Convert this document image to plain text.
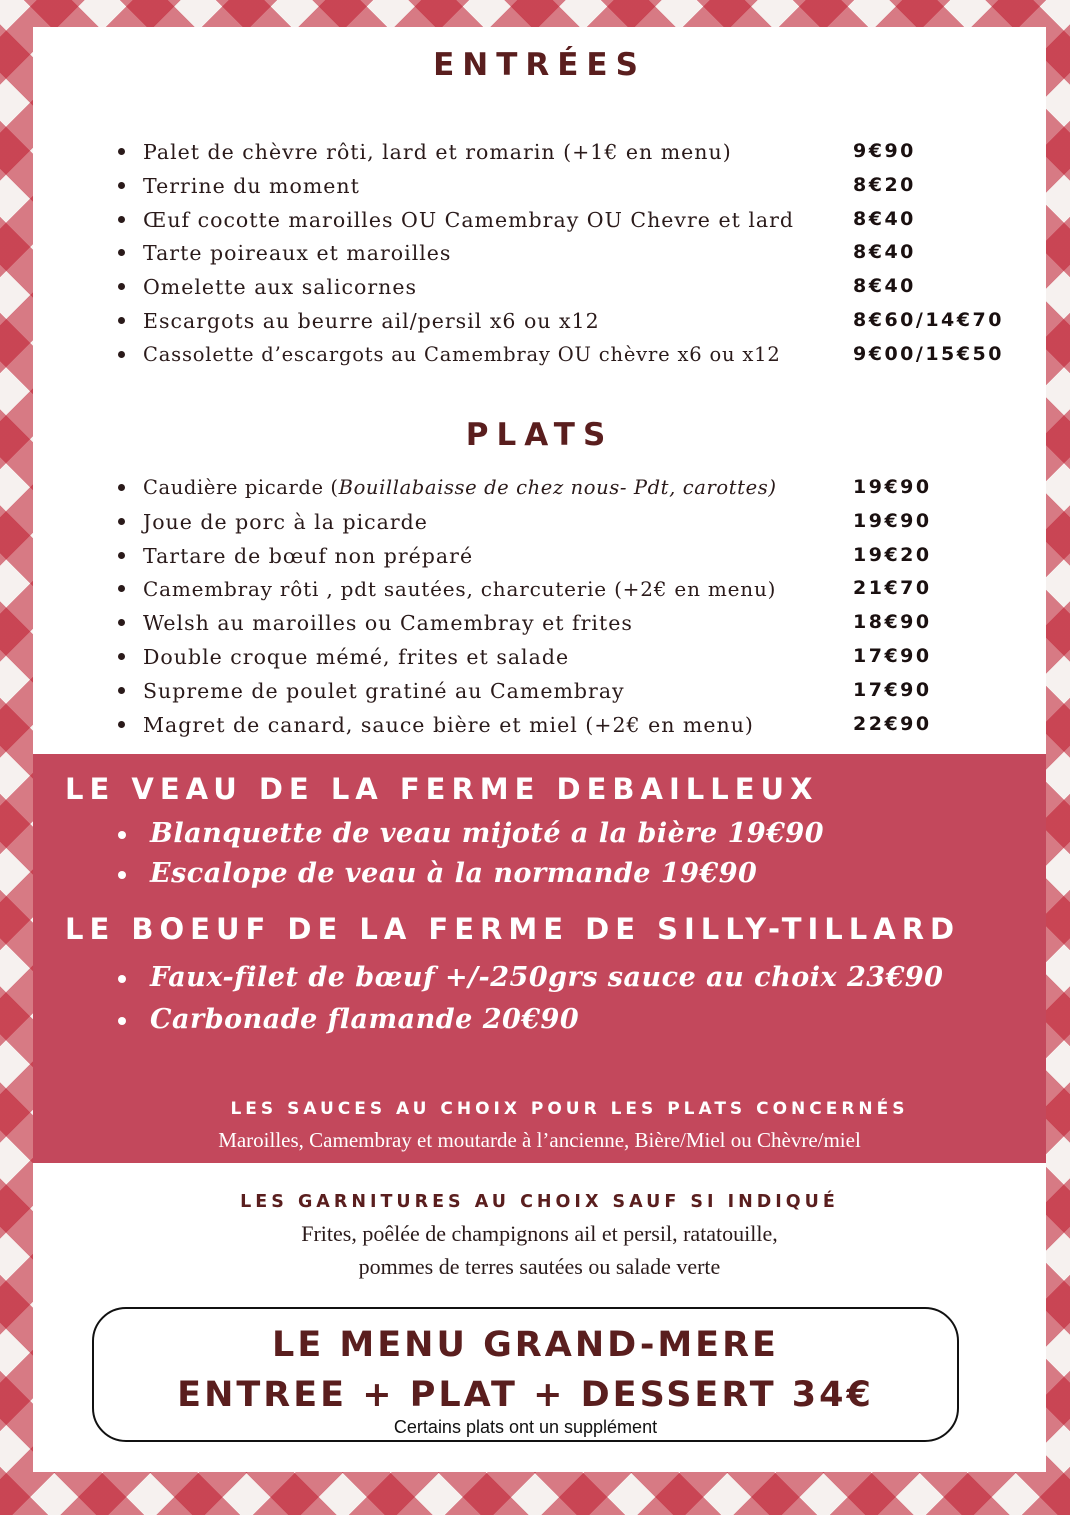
ENTRÉES
Palet de chèvre rôti, lard et romarin (+1€ en menu)	9€90
Terrine du moment	8€20
Œuf cocotte maroilles OU Camembray OU Chevre et lard	8€40
Tarte poireaux et maroilles	8€40
Omelette aux salicornes	8€40
Escargots au beurre ail/persil x6 ou x12	8€60/14€70
Cassolette d’escargots au Camembray OU chèvre x6 ou x12	9€00/15€50
PLATS
Caudière picarde (Bouillabaisse de chez nous- Pdt, carottes)	19€90
Joue de porc à la picarde	19€90
Tartare de bœuf non préparé	19€20
Camembray rôti , pdt sautées, charcuterie (+2€ en menu)	21€70
Welsh au maroilles ou Camembray et frites	18€90
Double croque mémé, frites et salade	17€90
Supreme de poulet gratiné au Camembray	17€90
Magret de canard, sauce bière et miel (+2€ en menu)	22€90
LE VEAU DE LA FERME DEBAILLEUX
Blanquette de veau mijoté a la bière 19€90
Escalope de veau à la normande 19€90
LE BOEUF DE LA FERME DE SILLY-TILLARD
Faux-filet de bœuf +/-250grs sauce au choix 23€90
Carbonade flamande 20€90
LES SAUCES AU CHOIX POUR LES PLATS CONCERNÉS
Maroilles, Camembray et moutarde à l’ancienne, Bière/Miel ou Chèvre/miel
LES GARNITURES AU CHOIX SAUF SI INDIQUÉ
Frites, poêlée de champignons ail et persil, ratatouille,
pommes de terres sautées ou salade verte
LE MENU GRAND-MERE
ENTREE + PLAT + DESSERT 34€
Certains plats ont un supplément
